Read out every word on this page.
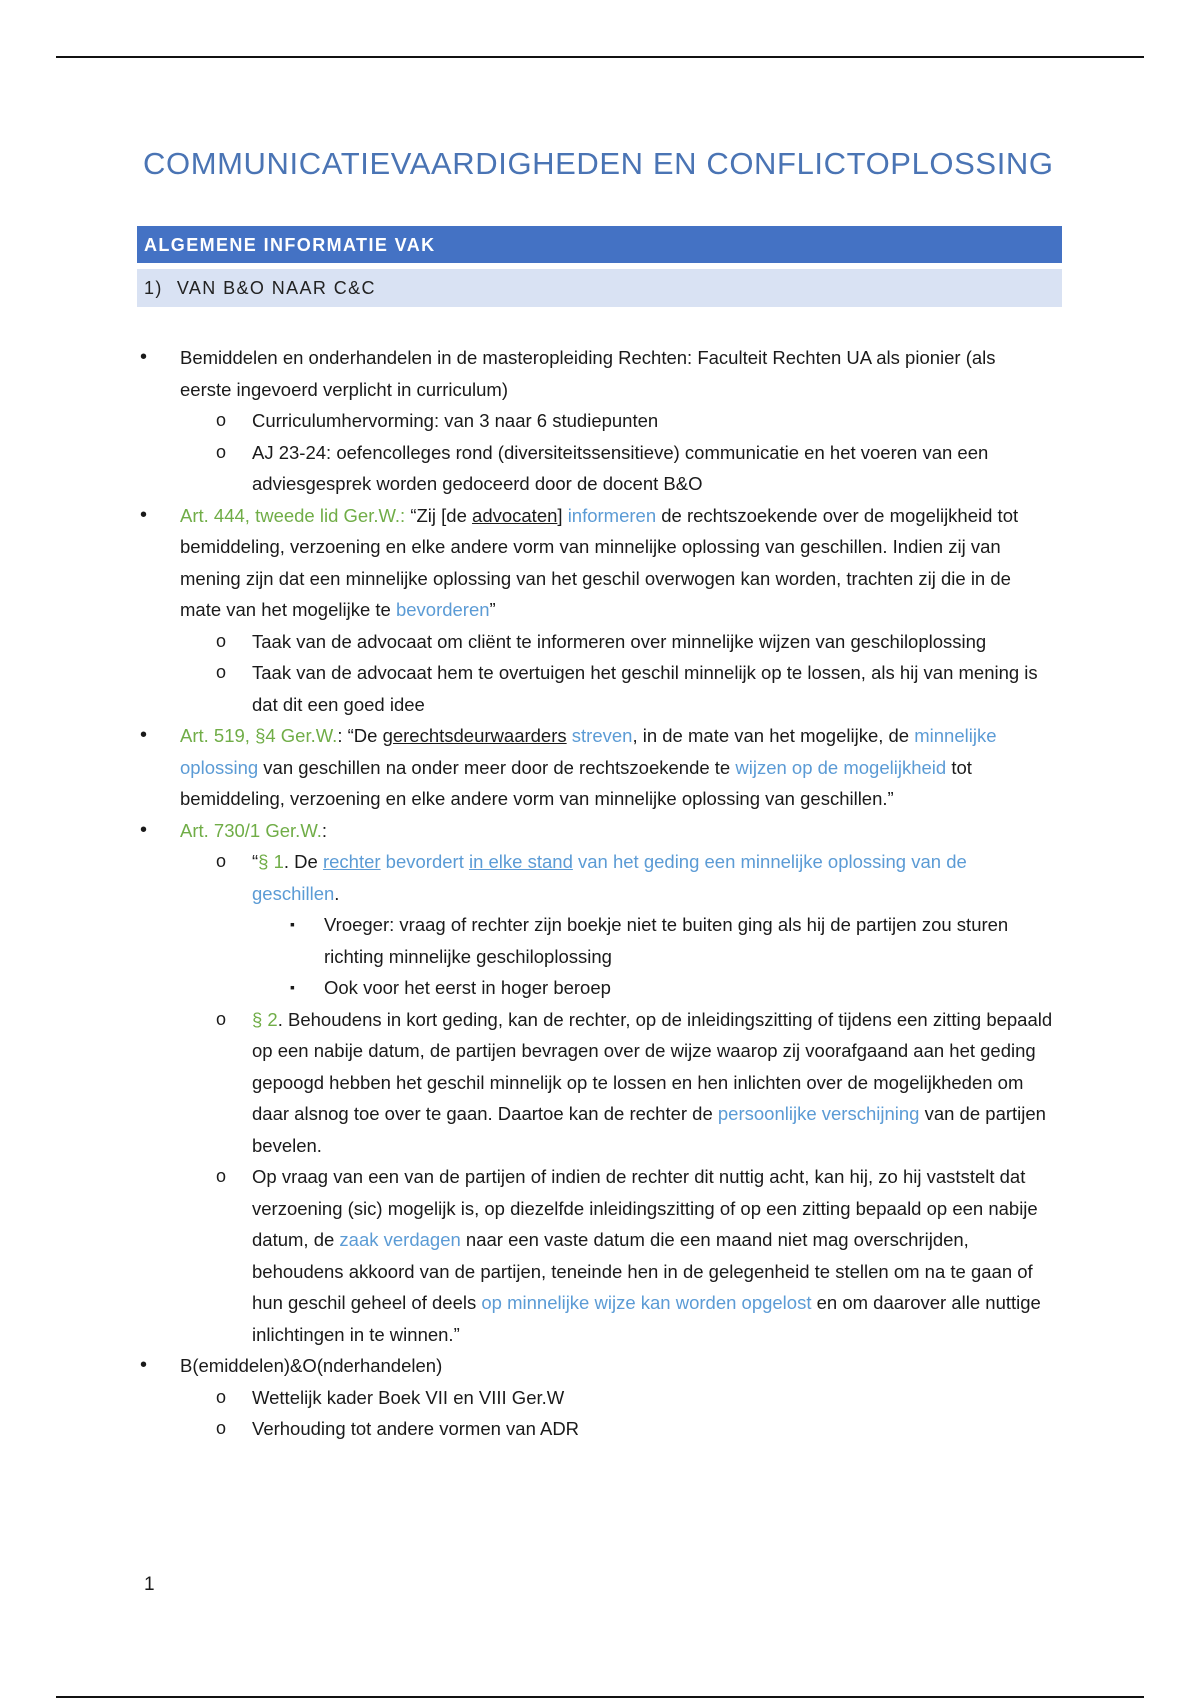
COMMUNICATIEVAARDIGHEDEN EN CONFLICTOPLOSSING
ALGEMENE INFORMATIE VAK
1) VAN B&O NAAR C&C
• Bemiddelen en onderhandelen in de masteropleiding Rechten: Faculteit Rechten UA als pionier (als eerste ingevoerd verplicht in curriculum)
o Curriculumhervorming: van 3 naar 6 studiepunten
o AJ 23-24: oefencolleges rond (diversiteitssensitieve) communicatie en het voeren van een adviesgesprek worden gedoceerd door de docent B&O
• Art. 444, tweede lid Ger.W.: “Zij [de advocaten] informeren de rechtszoekende over de mogelijkheid tot bemiddeling, verzoening en elke andere vorm van minnelijke oplossing van geschillen. Indien zij van mening zijn dat een minnelijke oplossing van het geschil overwogen kan worden, trachten zij die in de mate van het mogelijke te bevorderen”
o Taak van de advocaat om cliënt te informeren over minnelijke wijzen van geschiloplossing
o Taak van de advocaat hem te overtuigen het geschil minnelijk op te lossen, als hij van mening is dat dit een goed idee
• Art. 519, §4 Ger.W.: “De gerechtsdeurwaarders streven, in de mate van het mogelijke, de minnelijke oplossing van geschillen na onder meer door de rechtszoekende te wijzen op de mogelijkheid tot bemiddeling, verzoening en elke andere vorm van minnelijke oplossing van geschillen.”
• Art. 730/1 Ger.W.:
o “§ 1. De rechter bevordert in elke stand van het geding een minnelijke oplossing van de geschillen.
▪ Vroeger: vraag of rechter zijn boekje niet te buiten ging als hij de partijen zou sturen richting minnelijke geschiloplossing
▪ Ook voor het eerst in hoger beroep
o § 2. Behoudens in kort geding, kan de rechter, op de inleidingszitting of tijdens een zitting bepaald op een nabije datum, de partijen bevragen over de wijze waarop zij voorafgaand aan het geding gepoogd hebben het geschil minnelijk op te lossen en hen inlichten over de mogelijkheden om daar alsnog toe over te gaan. Daartoe kan de rechter de persoonlijke verschijning van de partijen bevelen.
o Op vraag van een van de partijen of indien de rechter dit nuttig acht, kan hij, zo hij vaststelt dat verzoening (sic) mogelijk is, op diezelfde inleidingszitting of op een zitting bepaald op een nabije datum, de zaak verdagen naar een vaste datum die een maand niet mag overschrijden, behoudens akkoord van de partijen, teneinde hen in de gelegenheid te stellen om na te gaan of hun geschil geheel of deels op minnelijke wijze kan worden opgelost en om daarover alle nuttige inlichtingen in te winnen.”
• B(emiddelen)&O(nderhandelen)
o Wettelijk kader Boek VII en VIII Ger.W
o Verhouding tot andere vormen van ADR
1
